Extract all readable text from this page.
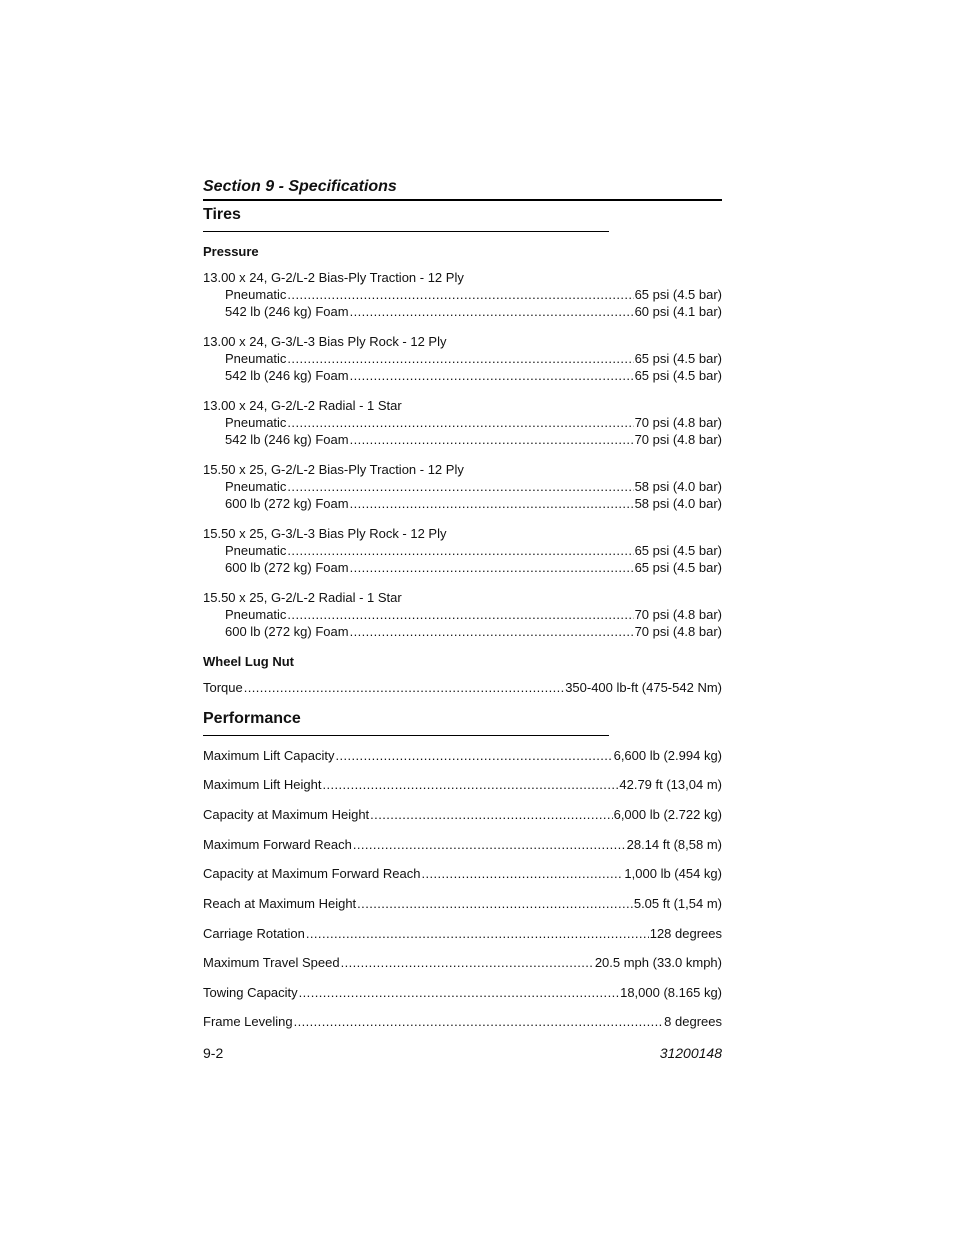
Section 9 - Specifications
Tires
Pressure
13.00 x 24, G-2/L-2 Bias-Ply Traction - 12 Ply
Pneumatic .....	65 psi (4.5 bar)
542 lb (246 kg) Foam .....	60 psi (4.1 bar)
13.00 x 24, G-3/L-3 Bias Ply Rock - 12 Ply
Pneumatic .....	65 psi (4.5 bar)
542 lb (246 kg) Foam .....	65 psi (4.5 bar)
13.00 x 24, G-2/L-2 Radial - 1 Star
Pneumatic .....	70 psi (4.8 bar)
542 lb (246 kg) Foam .....	70 psi (4.8 bar)
15.50 x 25, G-2/L-2 Bias-Ply Traction - 12 Ply
Pneumatic .....	58 psi (4.0 bar)
600 lb (272 kg) Foam .....	58 psi (4.0 bar)
15.50 x 25, G-3/L-3 Bias Ply Rock - 12 Ply
Pneumatic .....	65 psi (4.5 bar)
600 lb (272 kg) Foam .....	65 psi (4.5 bar)
15.50 x 25, G-2/L-2 Radial - 1 Star
Pneumatic .....	70 psi (4.8 bar)
600 lb (272 kg) Foam .....	70 psi (4.8 bar)
Wheel Lug Nut
Torque .....	350-400 lb-ft (475-542 Nm)
Performance
Maximum Lift Capacity .....	6,600 lb (2.994 kg)
Maximum Lift Height .....	42.79 ft (13,04 m)
Capacity at Maximum Height .....	6,000 lb (2.722 kg)
Maximum Forward Reach .....	28.14 ft (8,58 m)
Capacity at Maximum Forward Reach .....	1,000 lb (454 kg)
Reach at Maximum Height .....	5.05 ft (1,54 m)
Carriage Rotation .....	128 degrees
Maximum Travel Speed .....	20.5 mph (33.0 kmph)
Towing Capacity .....	18,000 (8.165 kg)
Frame Leveling .....	8 degrees
9-2	31200148
